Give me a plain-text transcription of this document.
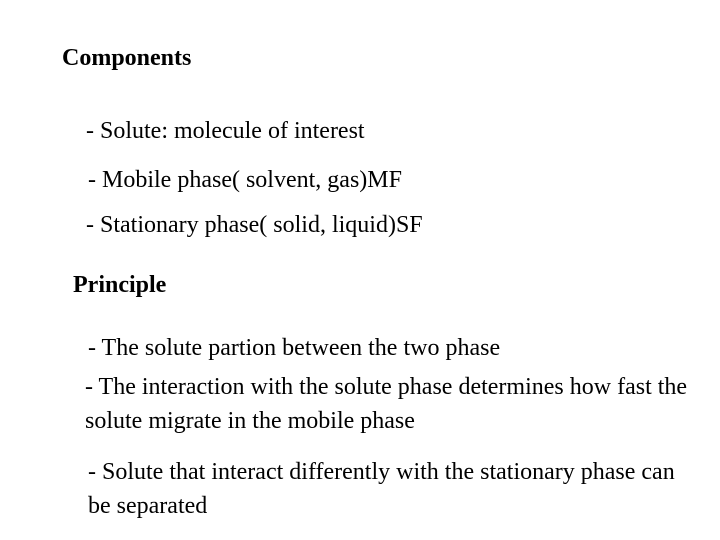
Components
- Solute: molecule of interest
- Mobile phase( solvent, gas)MF
- Stationary phase( solid, liquid)SF
Principle
- The solute partion between the two phase
- The interaction with the solute phase determines how fast the solute migrate in the mobile phase
- Solute that interact differently with the stationary phase can be separated
